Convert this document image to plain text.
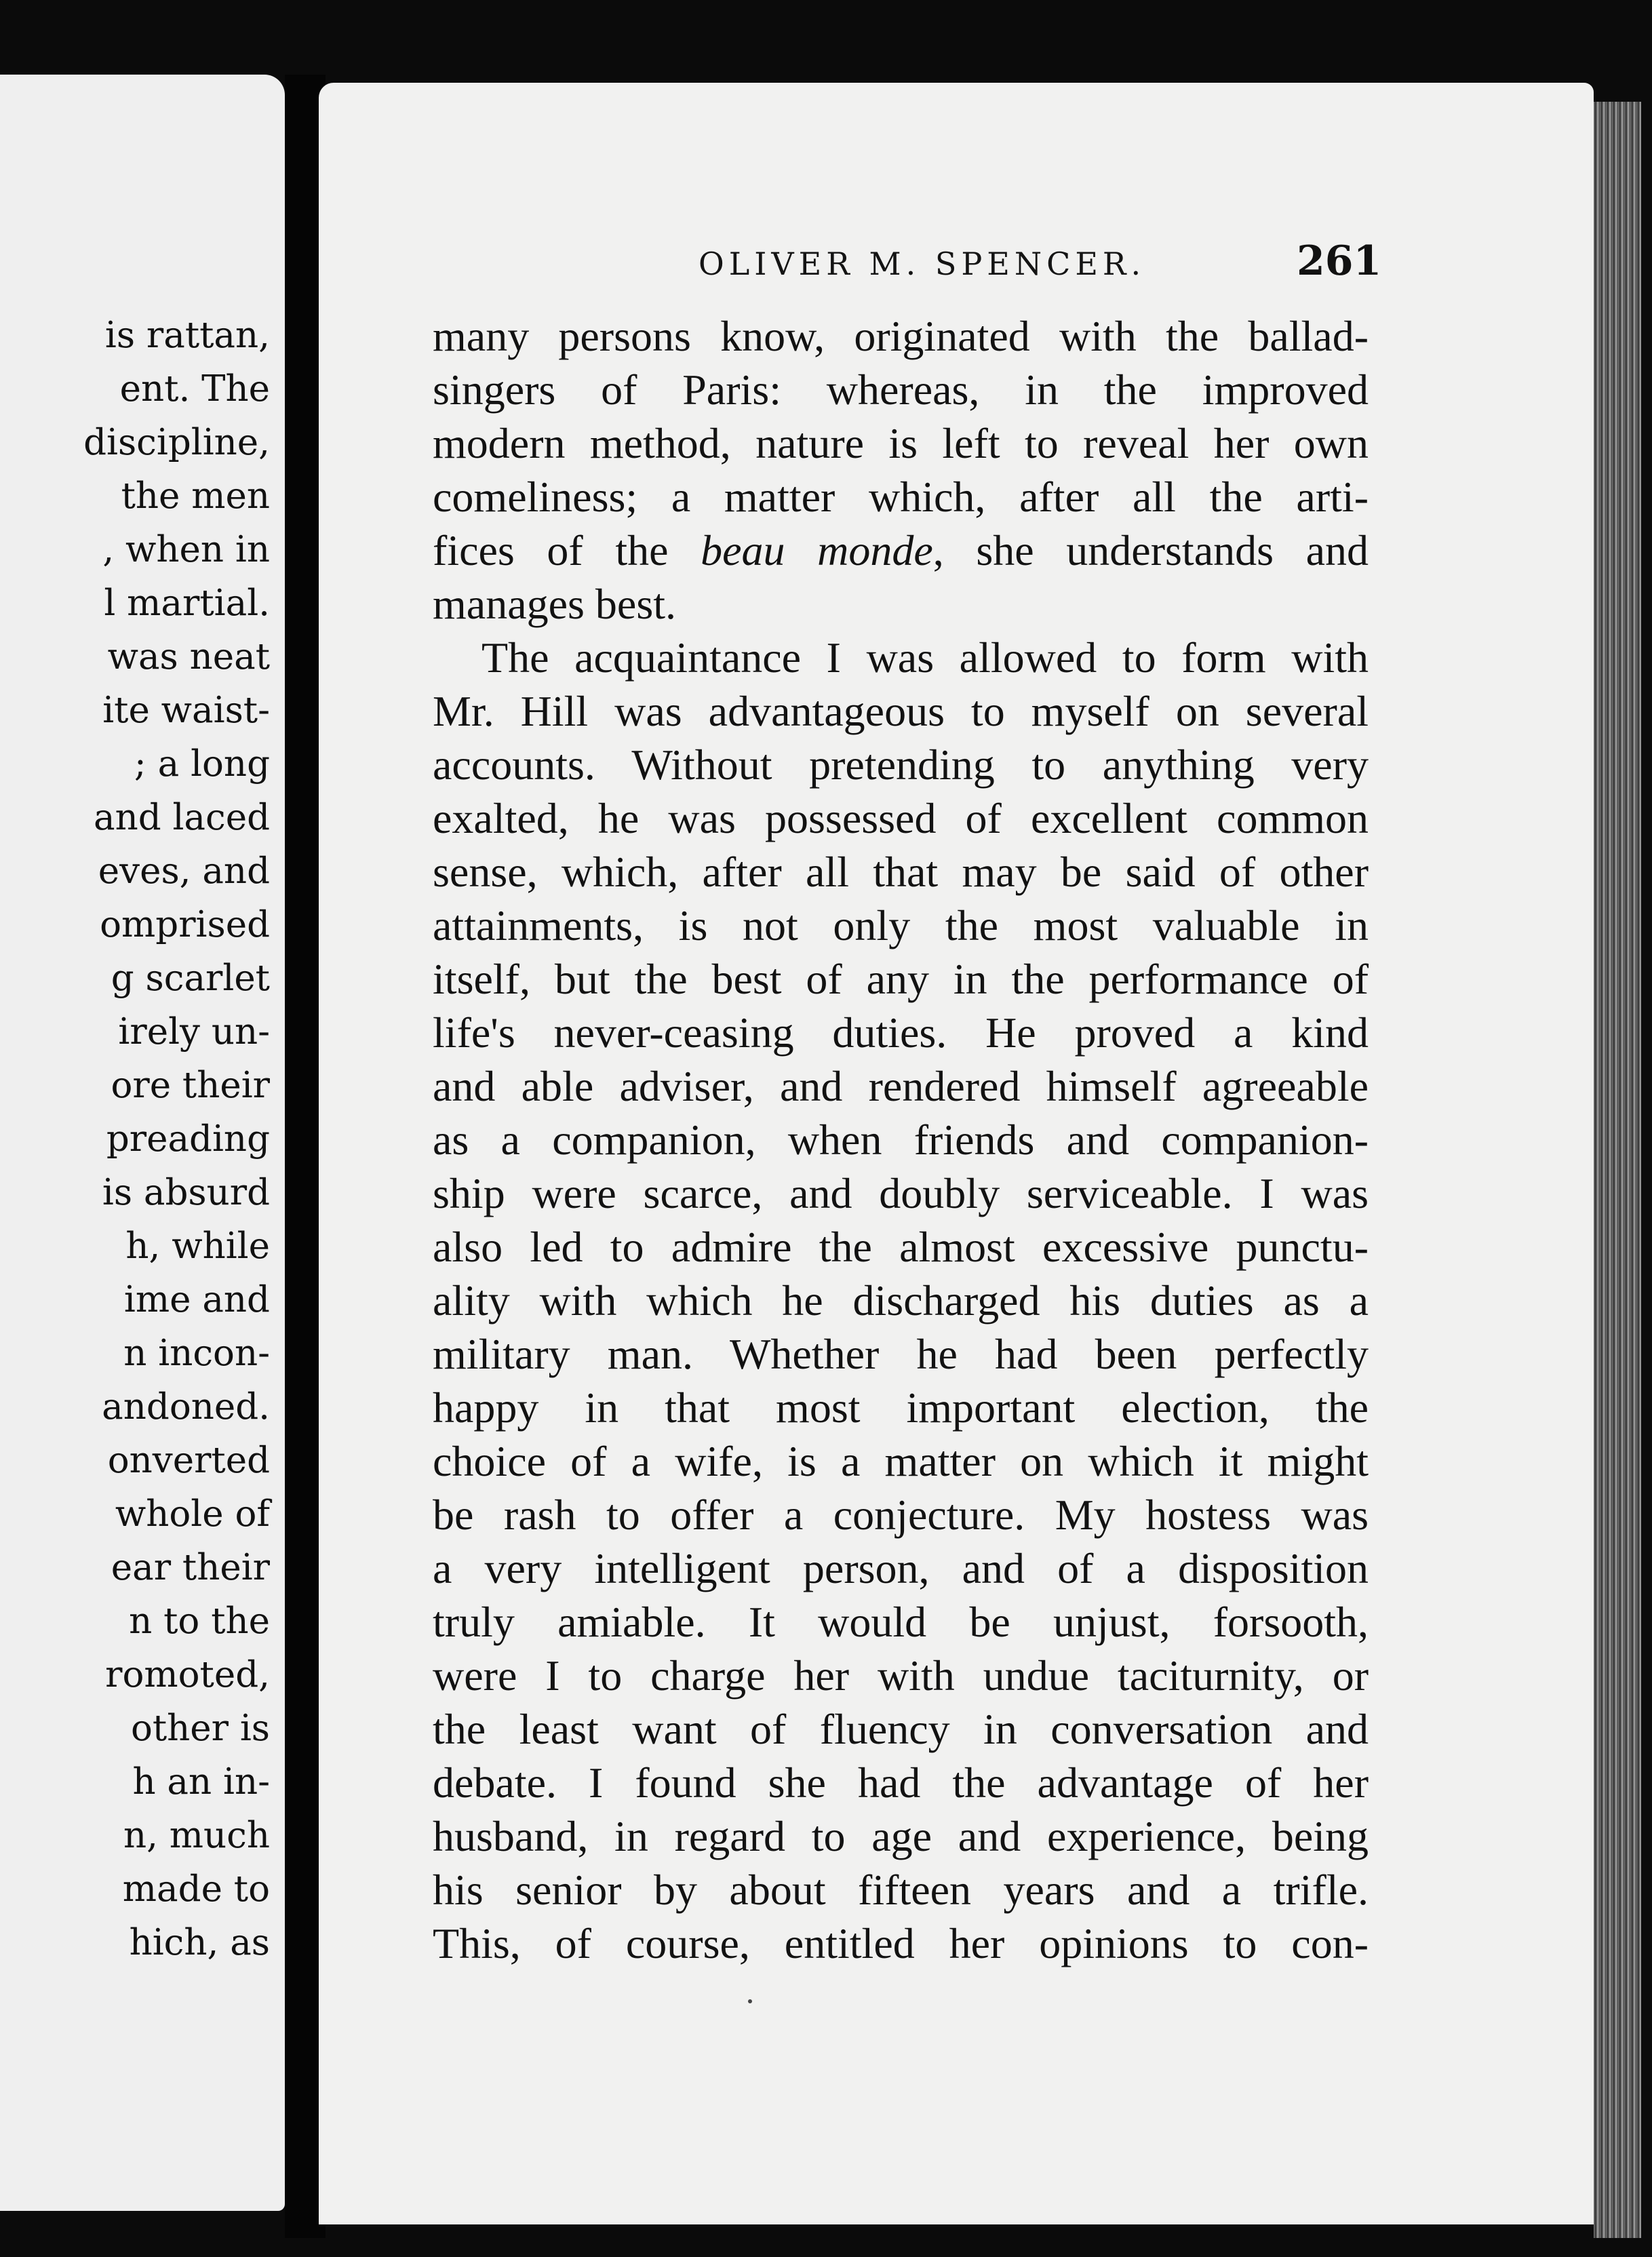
is rattan,
ent. The
discipline,
the men
, when in
l martial.
was neat
ite waist-
; a long
and laced
eves, and
omprised
g scarlet
irely un-
ore their
preading
is absurd
h, while
ime and
n incon-
andoned.
onverted
whole of
ear their
n to the
romoted,
other is
h an in-
n, much
made to
hich, as
OLIVER M. SPENCER.	261
many persons know, originated with the ballad-
singers of Paris: whereas, in the improved
modern method, nature is left to reveal her own
comeliness; a matter which, after all the arti-
fices of the beau monde, she understands and
manages best.
The acquaintance I was allowed to form with
Mr. Hill was advantageous to myself on several
accounts. Without pretending to anything very
exalted, he was possessed of excellent common
sense, which, after all that may be said of other
attainments, is not only the most valuable in
itself, but the best of any in the performance of
life's never-ceasing duties. He proved a kind
and able adviser, and rendered himself agreeable
as a companion, when friends and companion-
ship were scarce, and doubly serviceable. I was
also led to admire the almost excessive punctu-
ality with which he discharged his duties as a
military man. Whether he had been perfectly
happy in that most important election, the
choice of a wife, is a matter on which it might
be rash to offer a conjecture. My hostess was
a very intelligent person, and of a disposition
truly amiable. It would be unjust, forsooth,
were I to charge her with undue taciturnity, or
the least want of fluency in conversation and
debate. I found she had the advantage of her
husband, in regard to age and experience, being
his senior by about fifteen years and a trifle.
This, of course, entitled her opinions to con-
